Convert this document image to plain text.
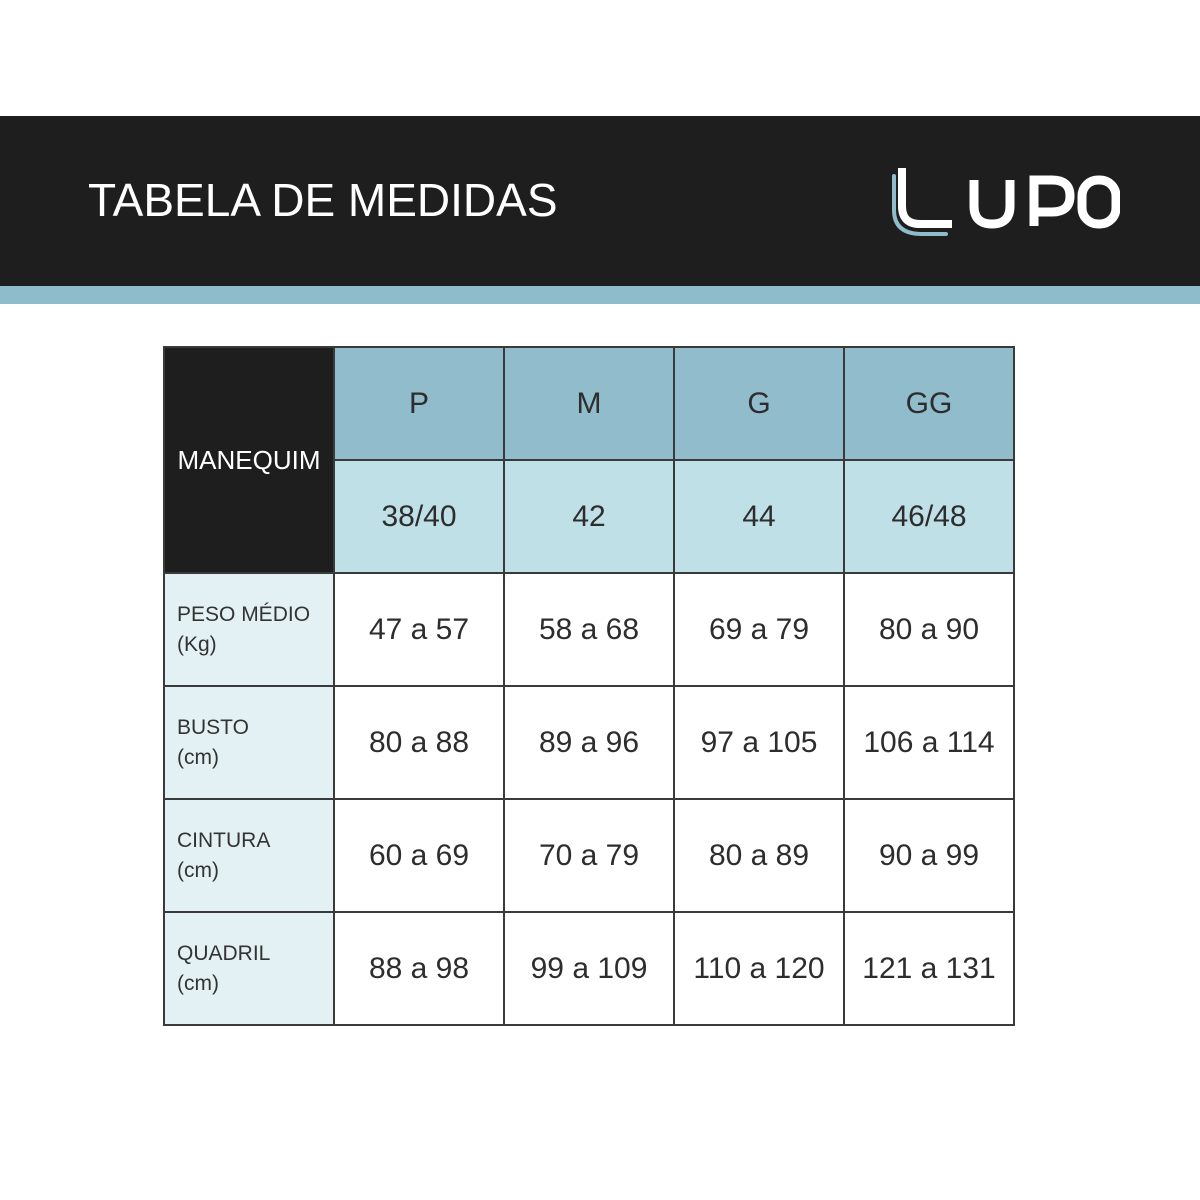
TABELA DE MEDIDAS
MANEQUIM	P	M	G	GG
	38/40	42	44	46/48

PESO MÉDIO
(Kg)	47 a 57	58 a 68	69 a 79	80 a 90

BUSTO
(cm)	80 a 88	89 a 96	97 a 105	106 a 114

CINTURA
(cm)	60 a 69	70 a 79	80 a 89	90 a 99

QUADRIL
(cm)	88 a 98	99 a 109	110 a 120	121 a 131
